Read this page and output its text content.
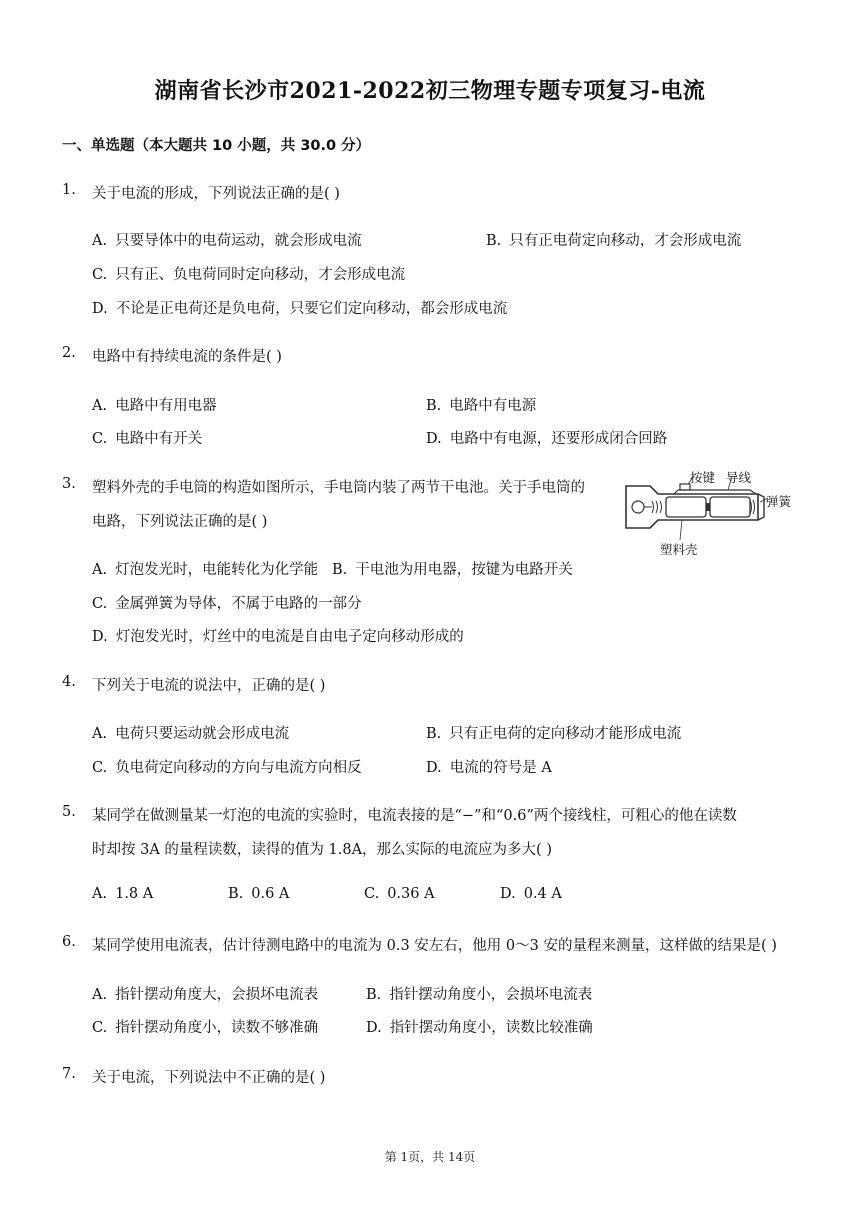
湖南省长沙市2021-2022初三物理专题专项复习-电流
一、单选题（本大题共 10 小题，共 30.0 分）
1. 关于电流的形成，下列说法正确的是( )
A. 只要导体中的电荷运动，就会形成电流	B. 只有正电荷定向移动，才会形成电流
C. 只有正、负电荷同时定向移动，才会形成电流
D. 不论是正电荷还是负电荷，只要它们定向移动，都会形成电流
2. 电路中有持续电流的条件是( )
A. 电路中有用电器	B. 电路中有电源
C. 电路中有开关	D. 电路中有电源，还要形成闭合回路
3. 塑料外壳的手电筒的构造如图所示，手电筒内装了两节干电池。关于手电筒的
电路，下列说法正确的是( )
按键 导线
弹簧
塑料壳
A. 灯泡发光时，电能转化为化学能 B. 干电池为用电器，按键为电路开关
C. 金属弹簧为导体，不属于电路的一部分
D. 灯泡发光时，灯丝中的电流是自由电子定向移动形成的
4. 下列关于电流的说法中，正确的是( )
A. 电荷只要运动就会形成电流	B. 只有正电荷的定向移动才能形成电流
C. 负电荷定向移动的方向与电流方向相反	D. 电流的符号是 A
5. 某同学在做测量某一灯泡的电流的实验时，电流表接的是“−”和“0.6”两个接线柱，可粗心的他在读数
时却按 3A 的量程读数，读得的值为 1.8A，那么实际的电流应为多大( )
A. 1.8 A	B. 0.6 A	C. 0.36 A	D. 0.4 A
6. 某同学使用电流表，估计待测电路中的电流为 0.3 安左右，他用 0～3 安的量程来测量，这样做的结果是( )
A. 指针摆动角度大，会损坏电流表	B. 指针摆动角度小，会损坏电流表
C. 指针摆动角度小，读数不够准确	D. 指针摆动角度小，读数比较准确
7. 关于电流，下列说法中不正确的是( )
第 1页，共 14页
